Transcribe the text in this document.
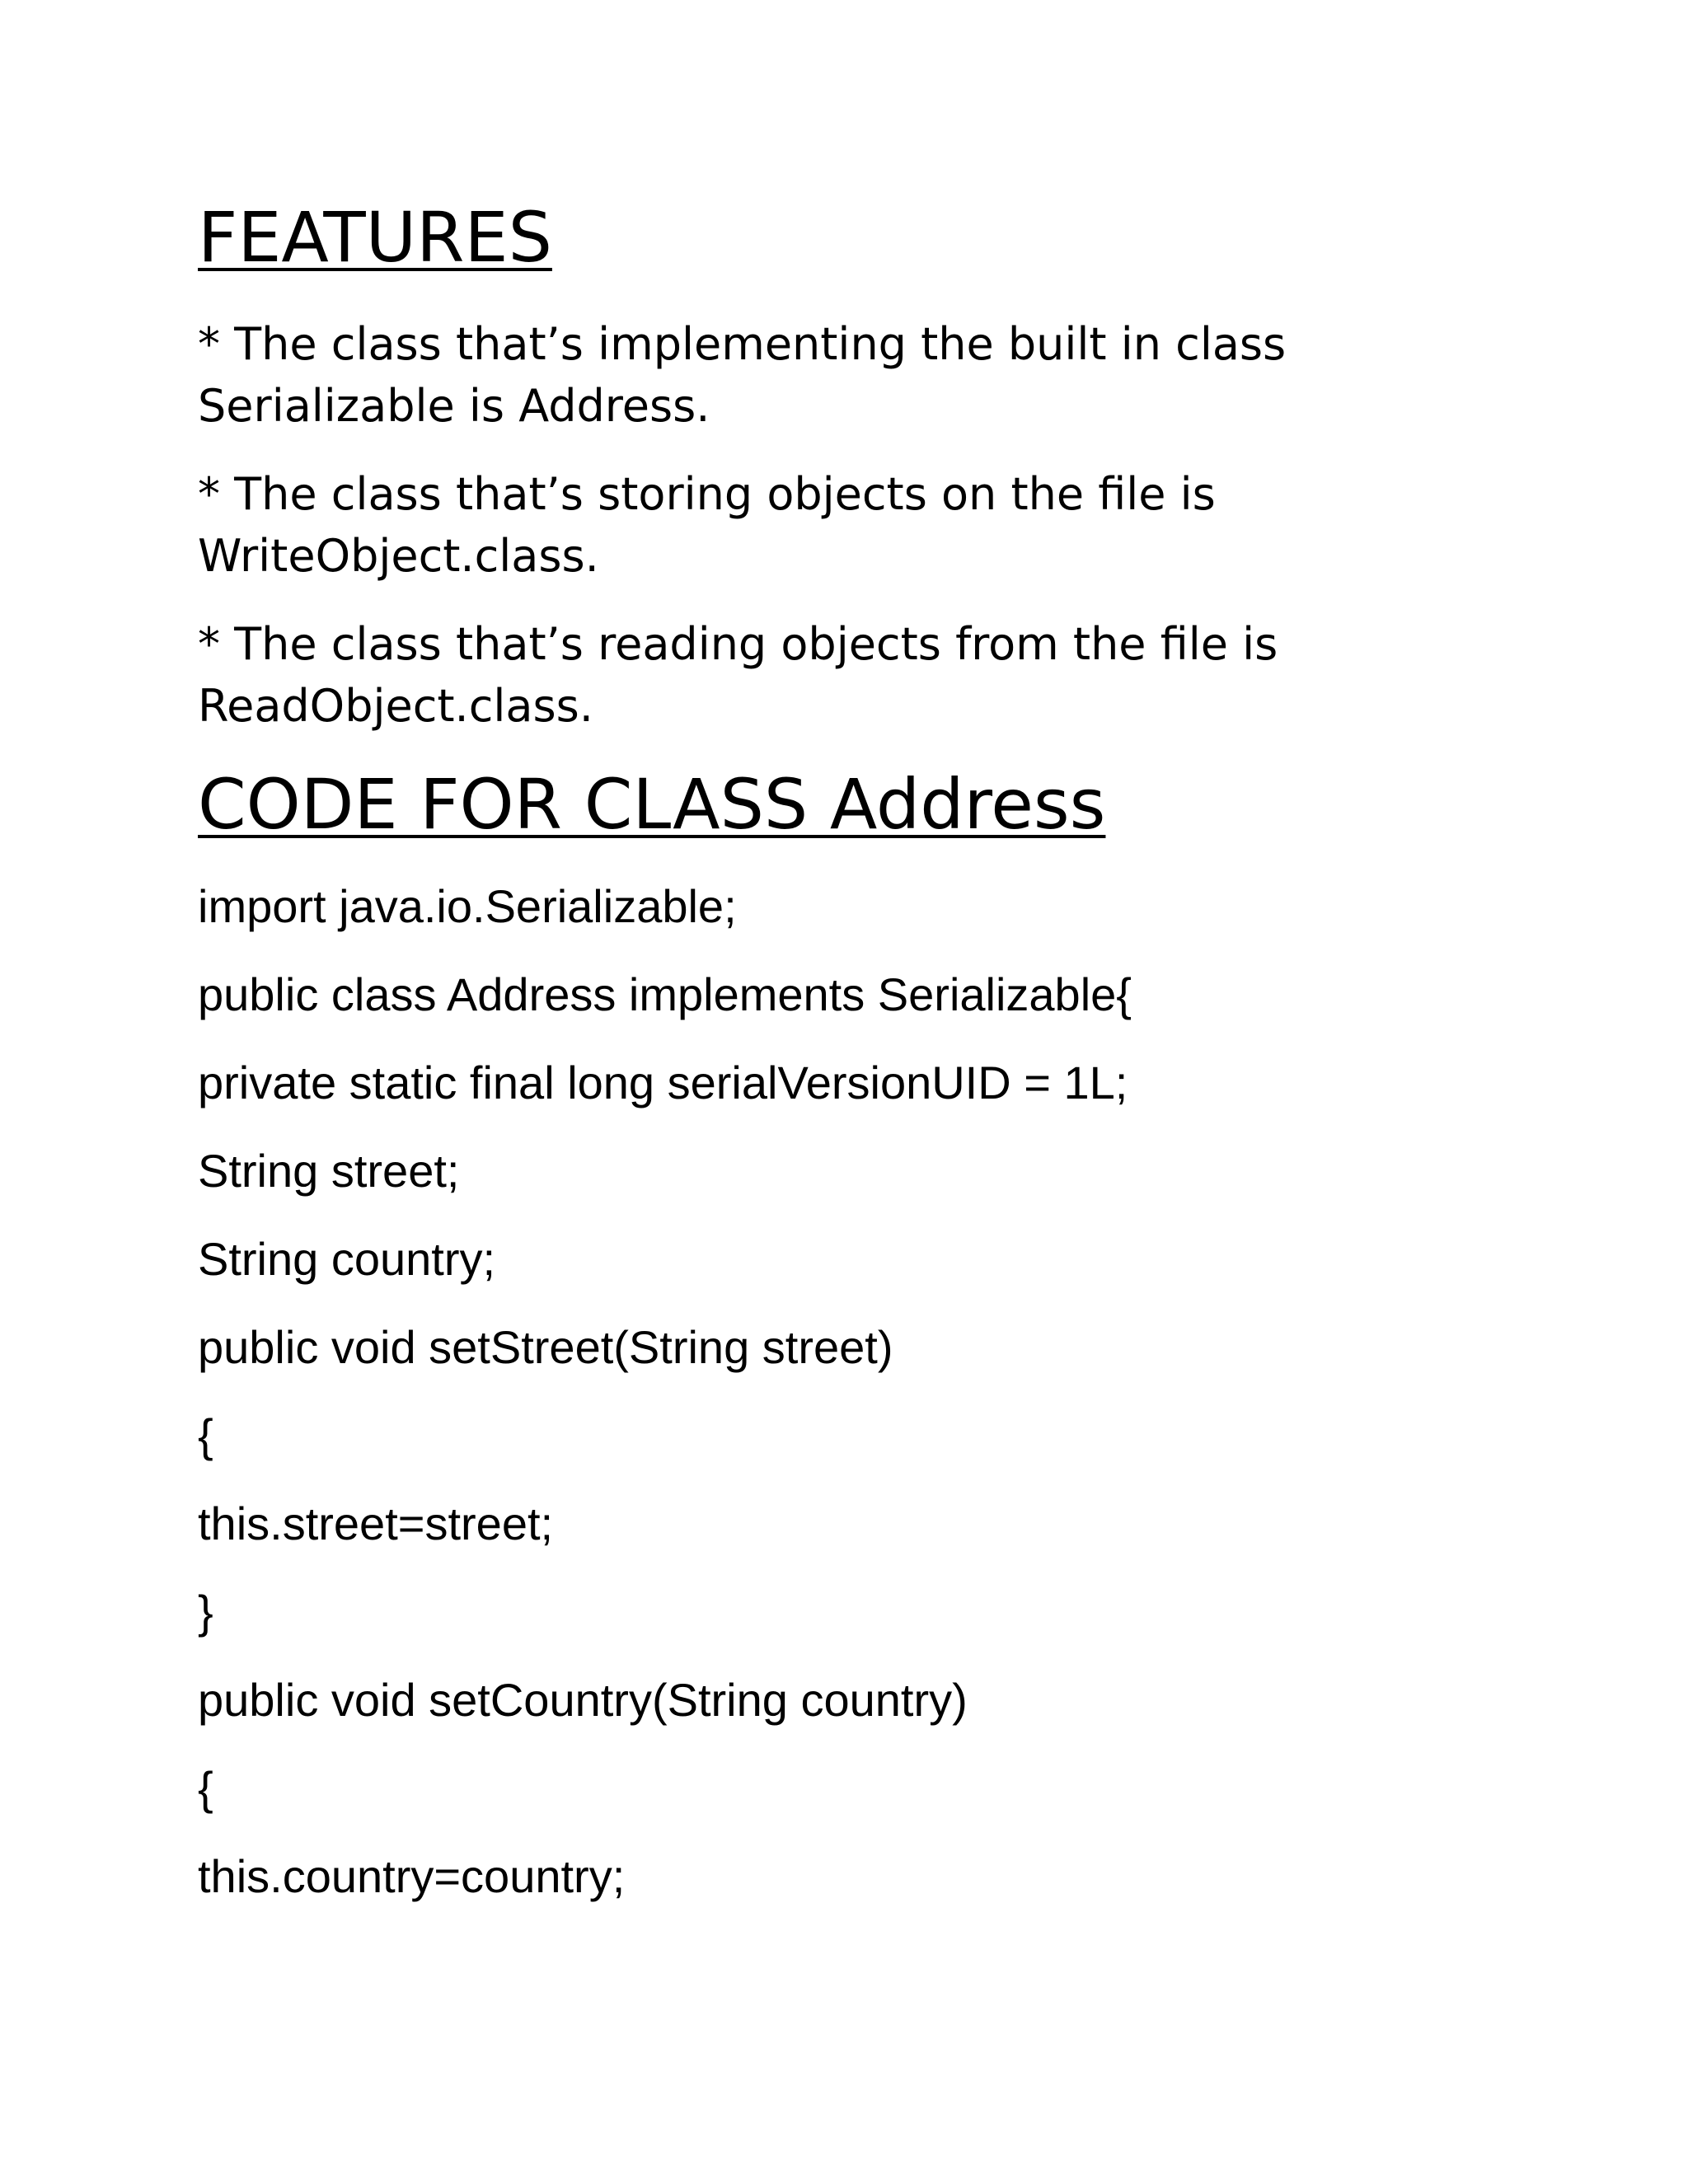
FEATURES

* The class that’s implementing the built in class
Serializable is Address.

* The class that’s storing objects on the file is
WriteObject.class.

* The class that’s reading objects from the file is
ReadObject.class.

CODE FOR CLASS Address

import java.io.Serializable;

public class Address implements Serializable{

private static final long serialVersionUID = 1L;

String street;

String country;

public void setStreet(String street)

{

this.street=street;

}

public void setCountry(String country)

{

this.country=country;
